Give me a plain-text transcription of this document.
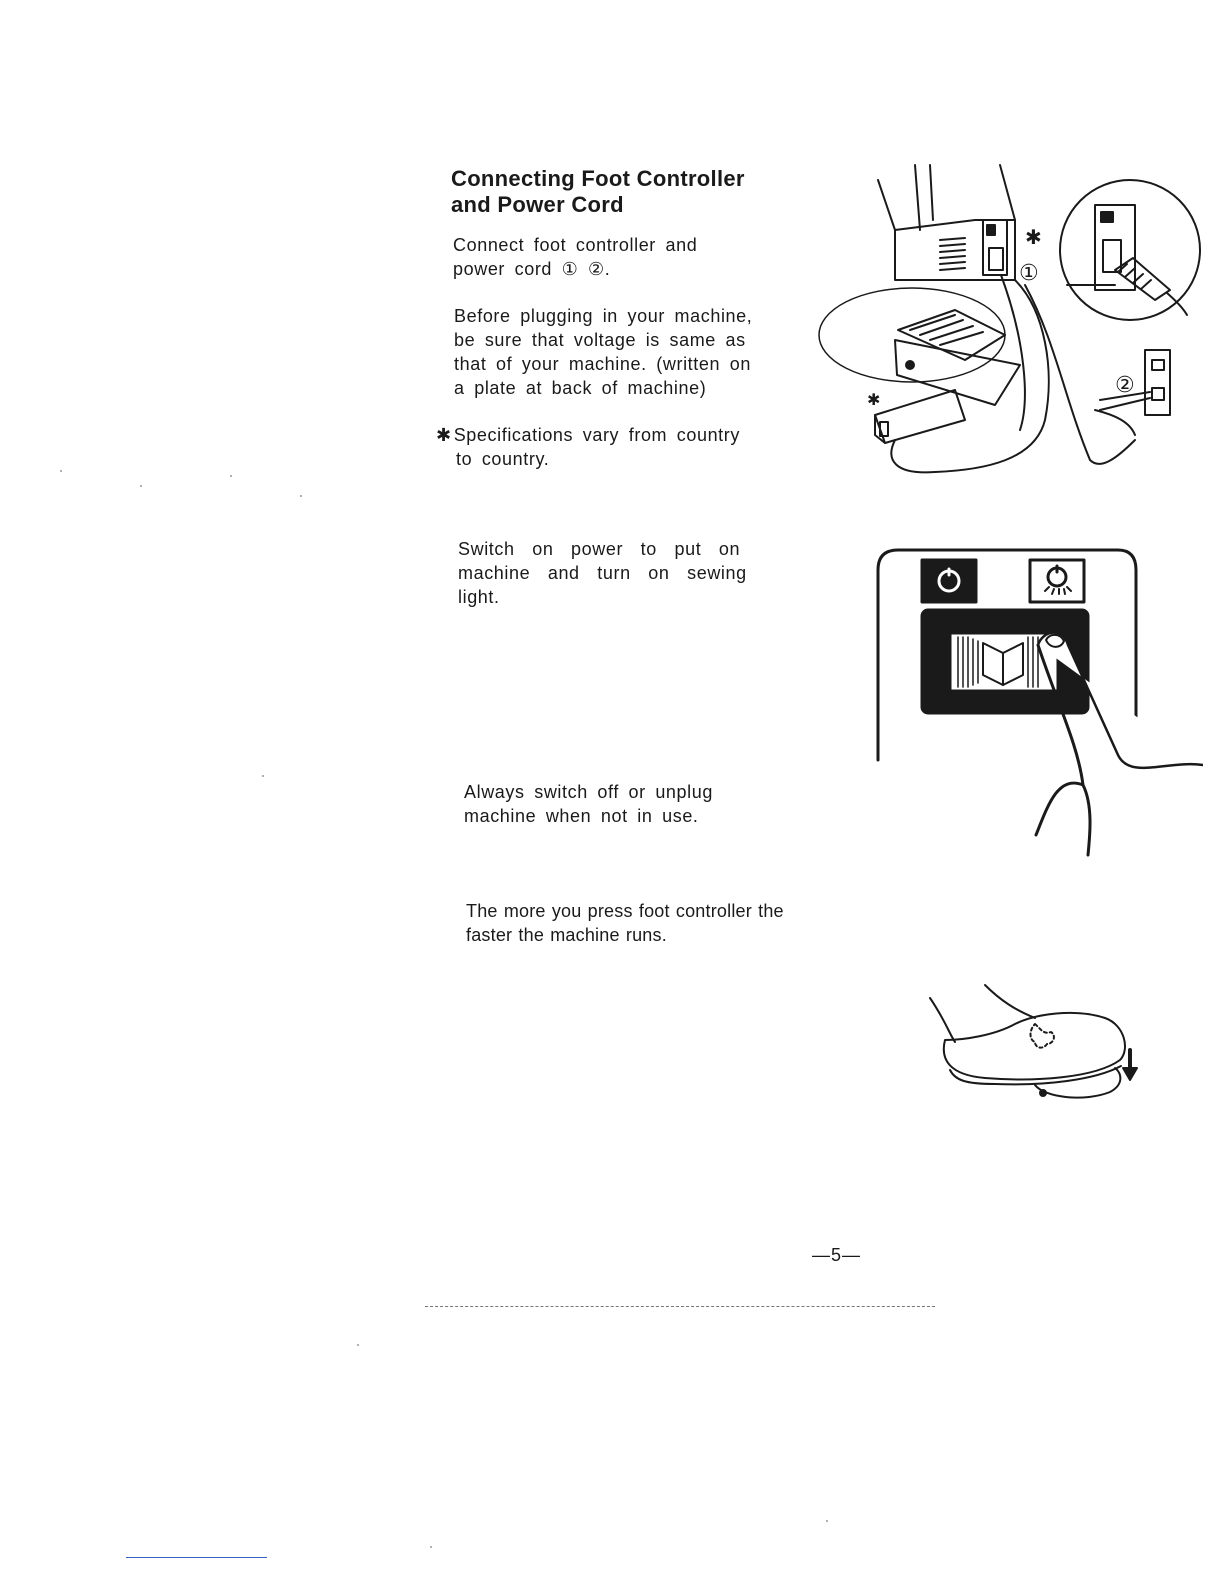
Connecting Foot Controller
and Power Cord

Connect foot controller and power cord ① ②.

Before plugging in your machine, be sure that voltage is same as that of your machine. (written on a plate at back of machine)

✱ Specifications vary from country
to country.

Switch on power to put on machine and turn on sewing light.

Always switch off or unplug machine when not in use.

The more you press foot controller the faster the machine runs.

✱
①
②
✱
—5—
